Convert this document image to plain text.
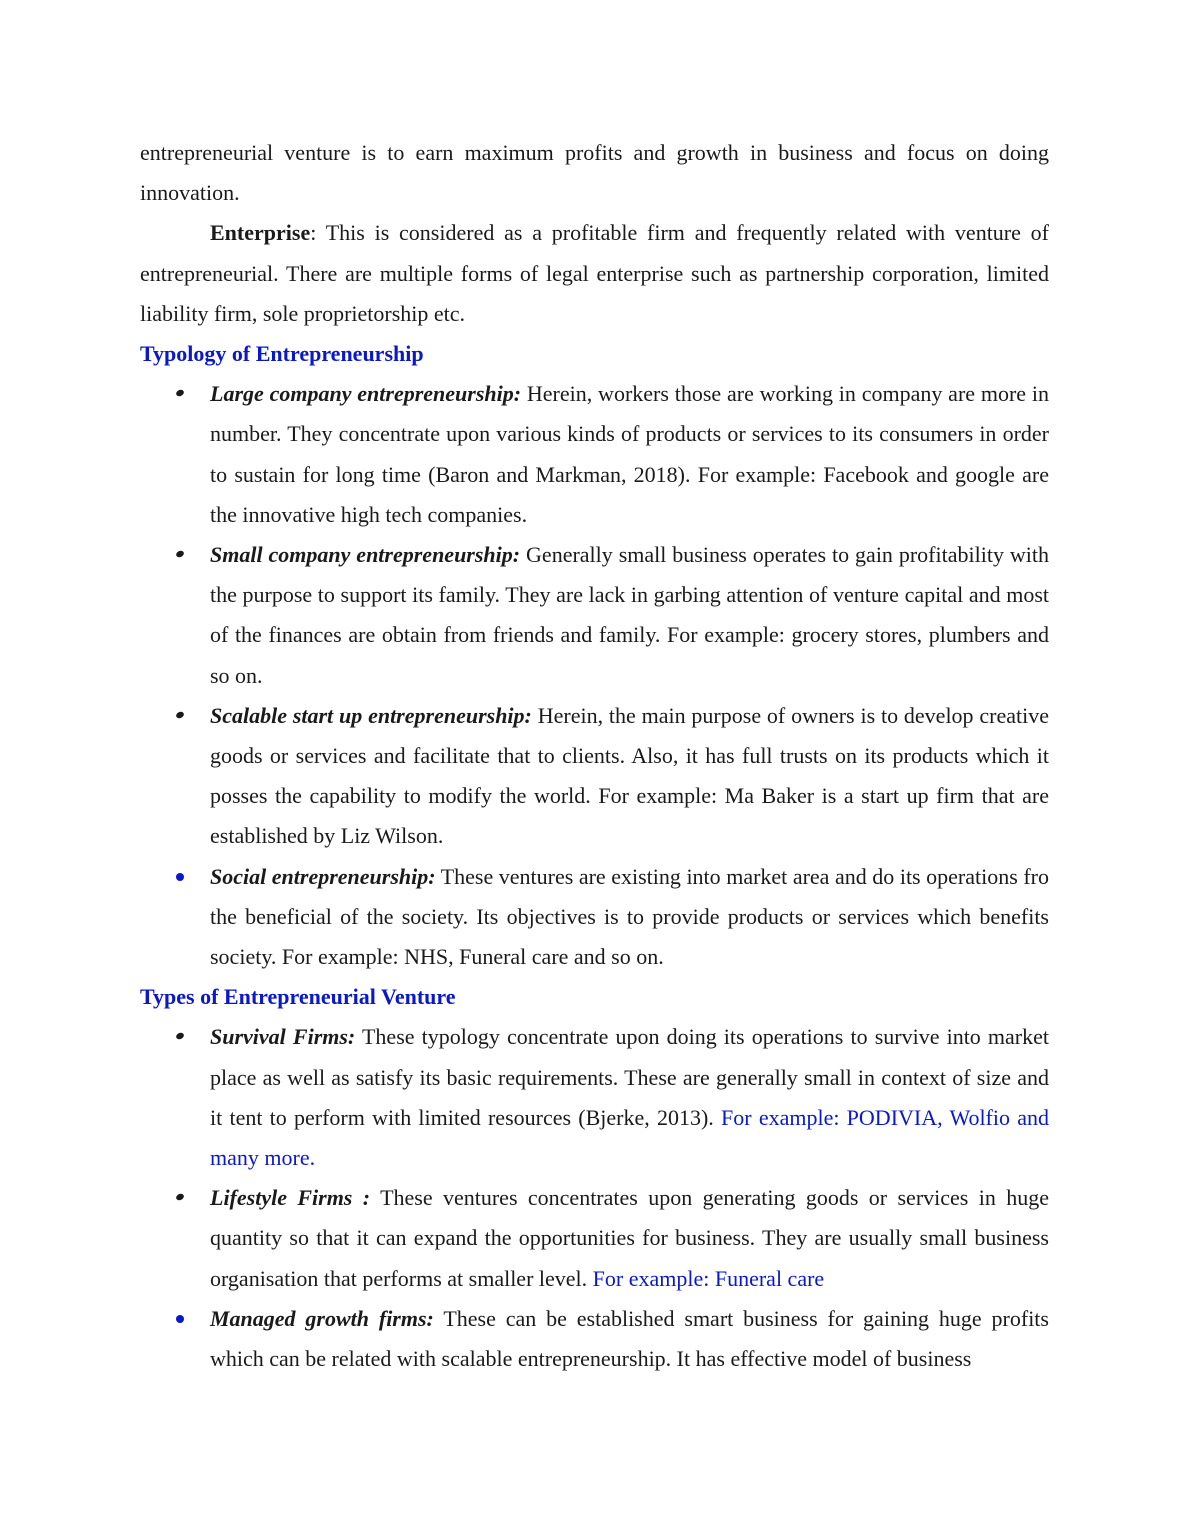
entrepreneurial venture is to earn maximum profits and growth in business and focus on doing innovation.

Enterprise: This is considered as a profitable firm and frequently related with venture of entrepreneurial. There are multiple forms of legal enterprise such as partnership corporation, limited liability firm, sole proprietorship etc.

Typology of Entrepreneurship
Large company entrepreneurship: Herein, workers those are working in company are more in number. They concentrate upon various kinds of products or services to its consumers in order to sustain for long time (Baron and Markman, 2018). For example: Facebook and google are the innovative high tech companies.
Small company entrepreneurship: Generally small business operates to gain profitability with the purpose to support its family. They are lack in garbing attention of venture capital and most of the finances are obtain from friends and family. For example: grocery stores, plumbers and so on.
Scalable start up entrepreneurship: Herein, the main purpose of owners is to develop creative goods or services and facilitate that to clients. Also, it has full trusts on its products which it posses the capability to modify the world. For example: Ma Baker is a start up firm that are established by Liz Wilson.
Social entrepreneurship: These ventures are existing into market area and do its operations fro the beneficial of the society. Its objectives is to provide products or services which benefits society. For example: NHS, Funeral care and so on.
Types of Entrepreneurial Venture
Survival Firms: These typology concentrate upon doing its operations to survive into market place as well as satisfy its basic requirements. These are generally small in context of size and it tent to perform with limited resources (Bjerke, 2013). For example: PODIVIA, Wolfio and many more.
Lifestyle Firms : These ventures concentrates upon generating goods or services in huge quantity so that it can expand the opportunities for business. They are usually small business organisation that performs at smaller level. For example: Funeral care
Managed growth firms: These can be established smart business for gaining huge profits which can be related with scalable entrepreneurship. It has effective model of business
